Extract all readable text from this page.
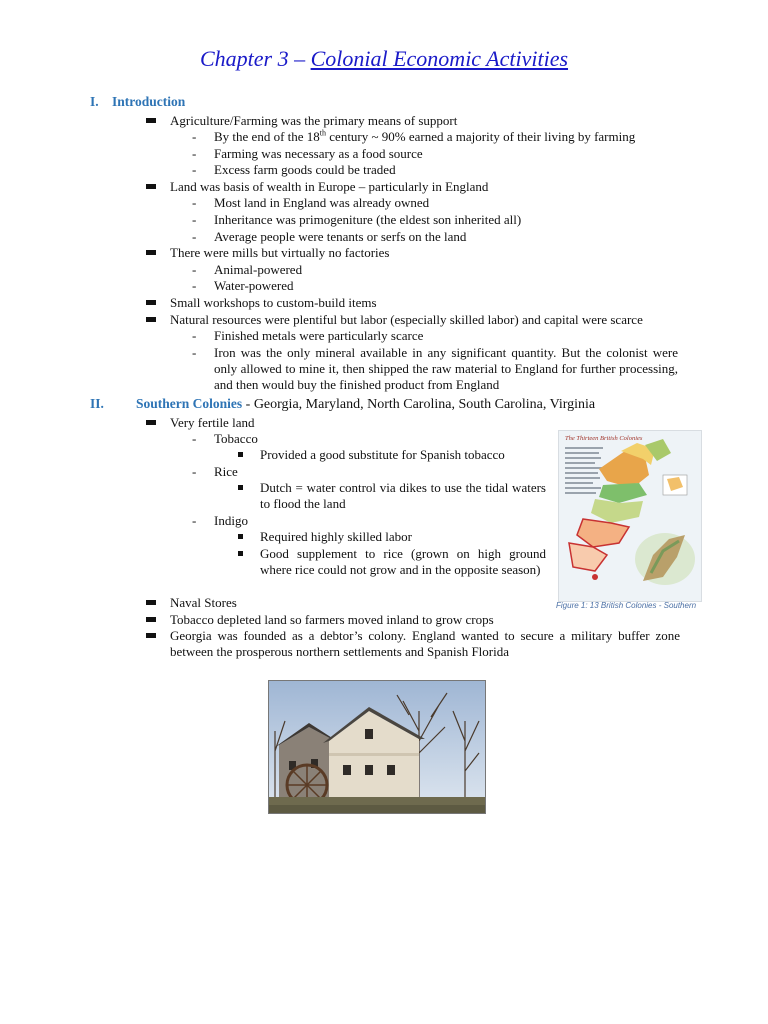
Chapter 3 – Colonial Economic Activities
I. Introduction
Agriculture/Farming was the primary means of support
- By the end of the 18th century ~ 90% earned a majority of their living by farming
- Farming was necessary as a food source
- Excess farm goods could be traded
Land was basis of wealth in Europe – particularly in England
- Most land in England was already owned
- Inheritance was primogeniture (the eldest son inherited all)
- Average people were tenants or serfs on the land
There were mills but virtually no factories
- Animal-powered
- Water-powered
Small workshops to custom-build items
Natural resources were plentiful but labor (especially skilled labor) and capital were scarce
- Finished metals were particularly scarce
- Iron was the only mineral available in any significant quantity. But the colonist were only allowed to mine it, then shipped the raw material to England for further processing, and then would buy the finished product from England
II. Southern Colonies - Georgia, Maryland, North Carolina, South Carolina, Virginia
Very fertile land
- Tobacco
Provided a good substitute for Spanish tobacco
- Rice
Dutch = water control via dikes to use the tidal waters to flood the land
- Indigo
Required highly skilled labor
Good supplement to rice (grown on high ground where rice could not grow and in the opposite season)
Naval Stores
Tobacco depleted land so farmers moved inland to grow crops
Georgia was founded as a debtor’s colony. England wanted to secure a military buffer zone between the prosperous northern settlements and Spanish Florida
The Thirteen British Colonies
Figure 1: 13 British Colonies - Southern
